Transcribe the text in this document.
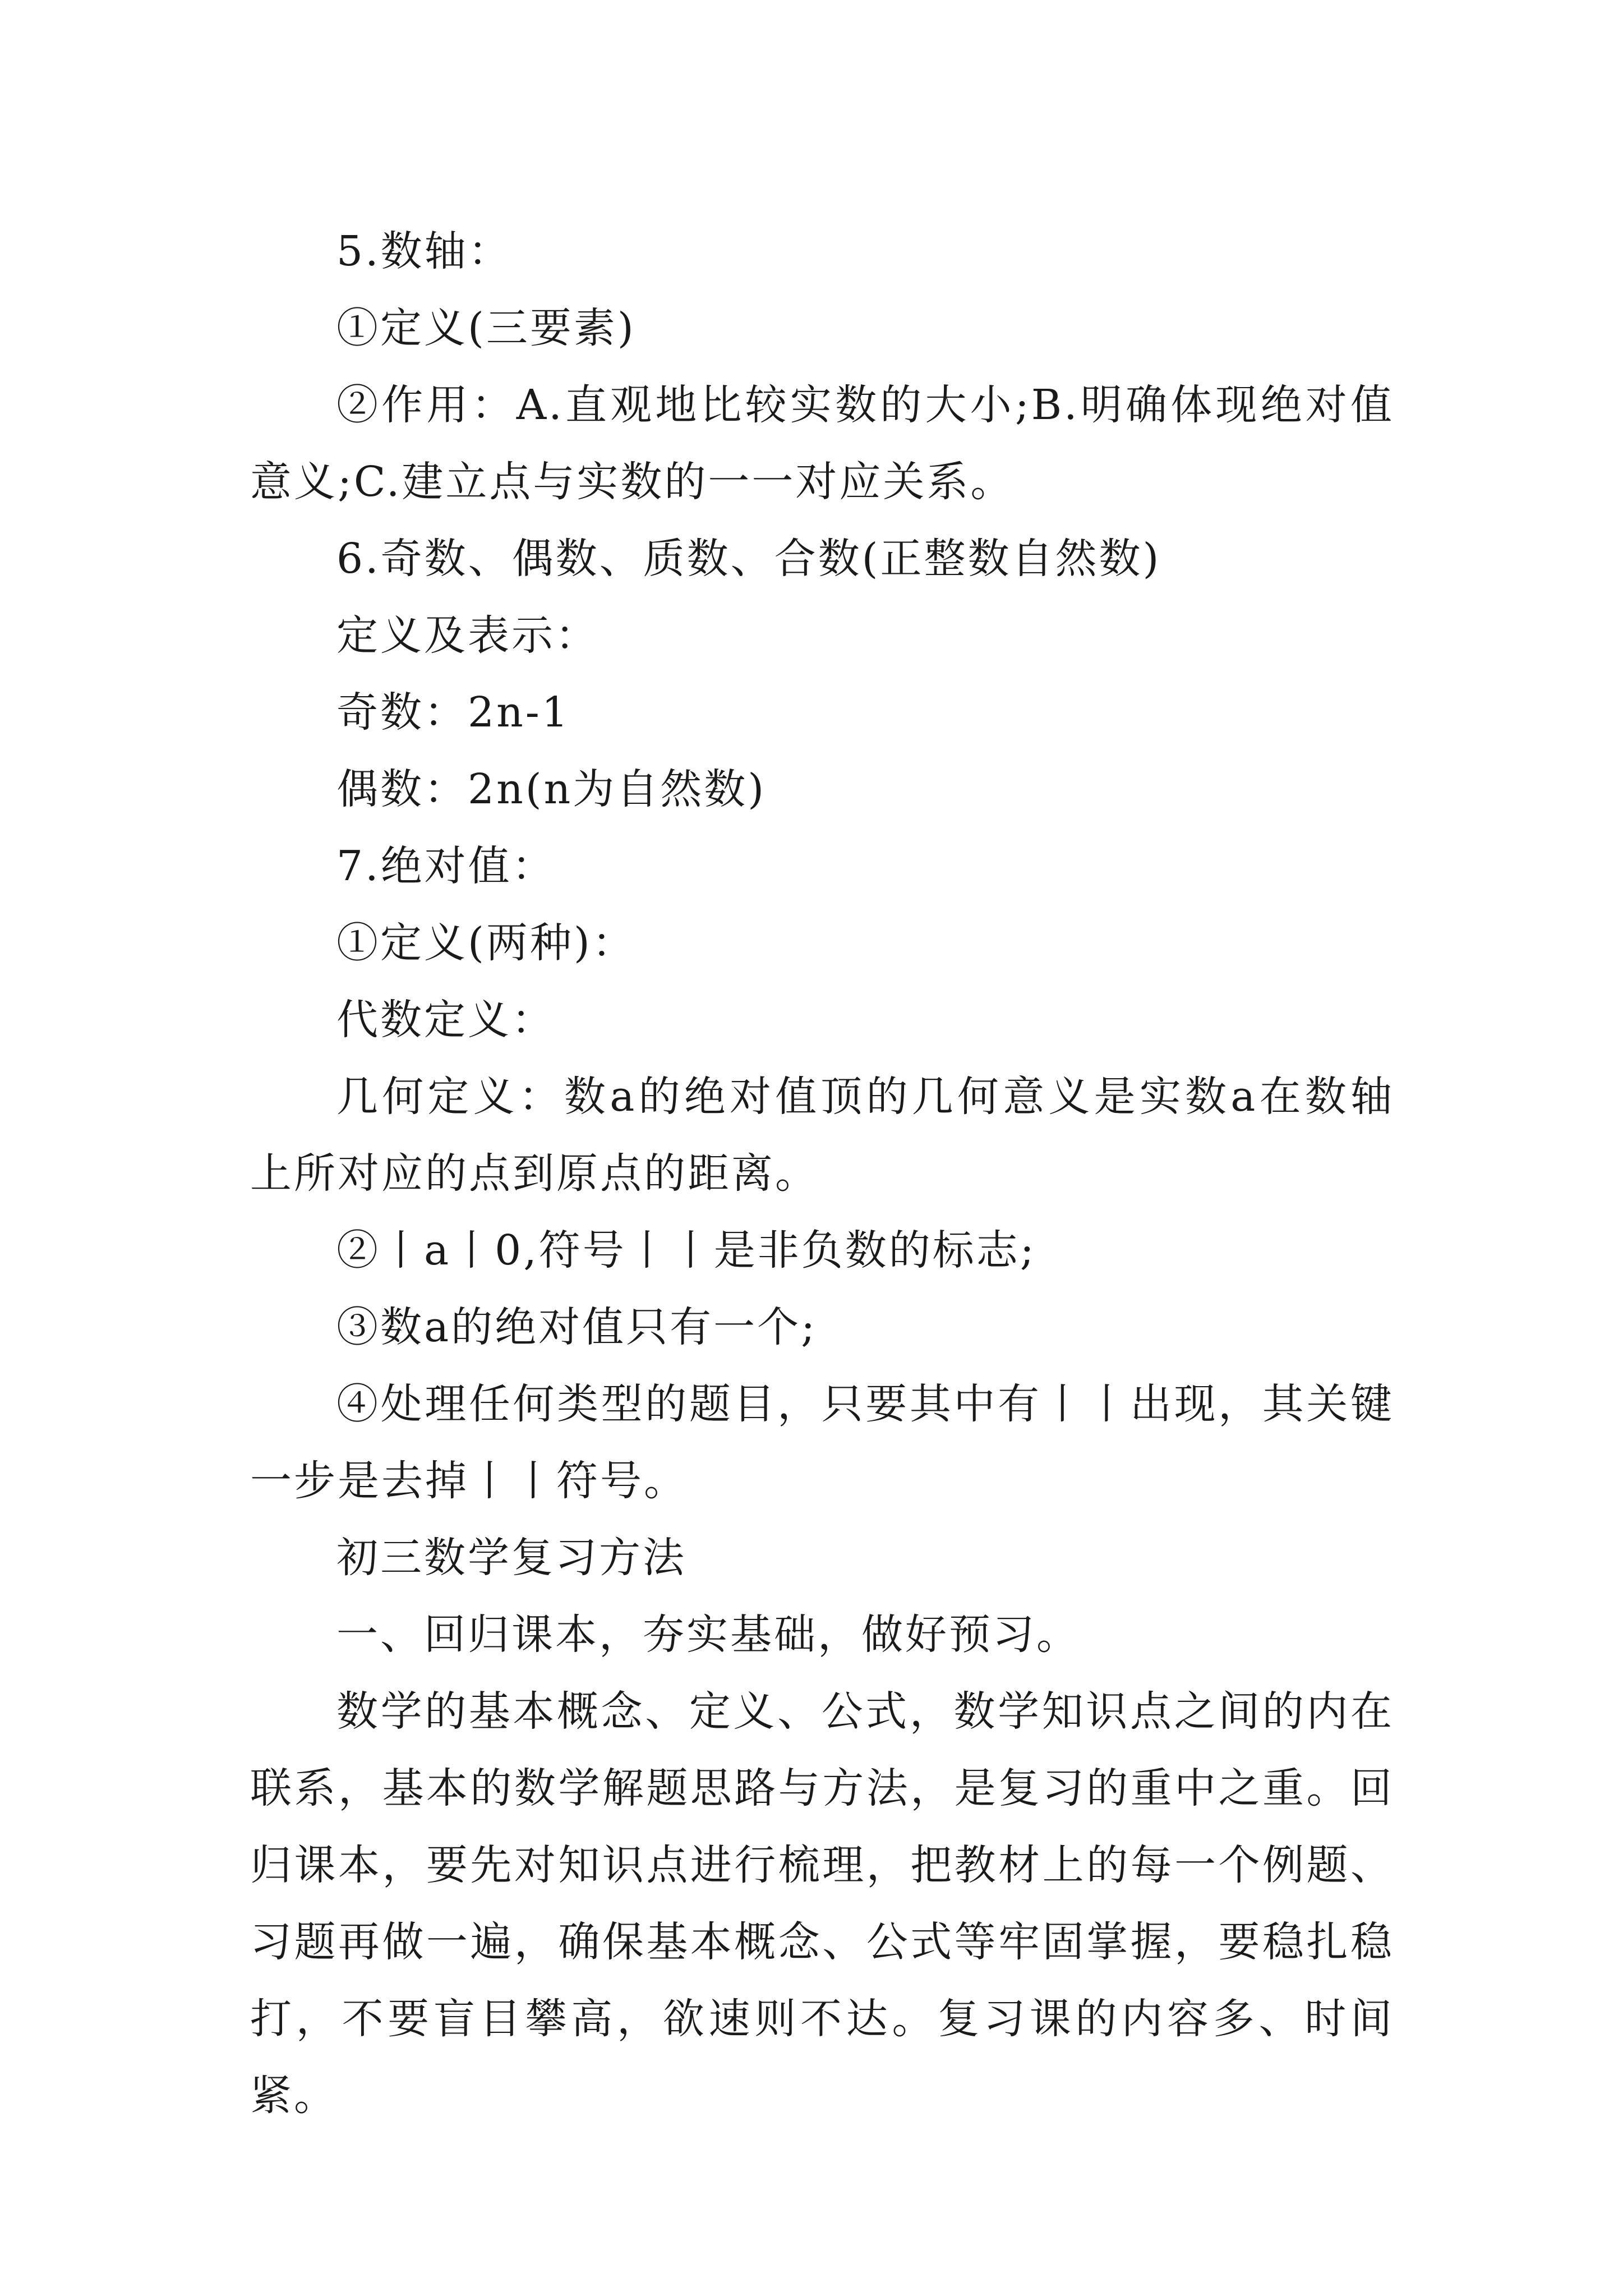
5.数轴：

①定义(三要素)

②作用：A.直观地比较实数的大小;B.明确体现绝对值意义;C.建立点与实数的一一对应关系。

6.奇数、偶数、质数、合数(正整数自然数)

定义及表示：

奇数：2n-1

偶数：2n(n为自然数)

7.绝对值：

①定义(两种)：

代数定义：

几何定义：数a的绝对值顶的几何意义是实数a在数轴上所对应的点到原点的距离。

②丨a丨0,符号丨丨是非负数的标志;

③数a的绝对值只有一个;

④处理任何类型的题目，只要其中有丨丨出现，其关键一步是去掉丨丨符号。

初三数学复习方法

一、回归课本，夯实基础，做好预习。

数学的基本概念、定义、公式，数学知识点之间的内在联系，基本的数学解题思路与方法，是复习的重中之重。回归课本，要先对知识点进行梳理，把教材上的每一个例题、习题再做一遍，确保基本概念、公式等牢固掌握，要稳扎稳打，不要盲目攀高，欲速则不达。复习课的内容多、时间紧。
